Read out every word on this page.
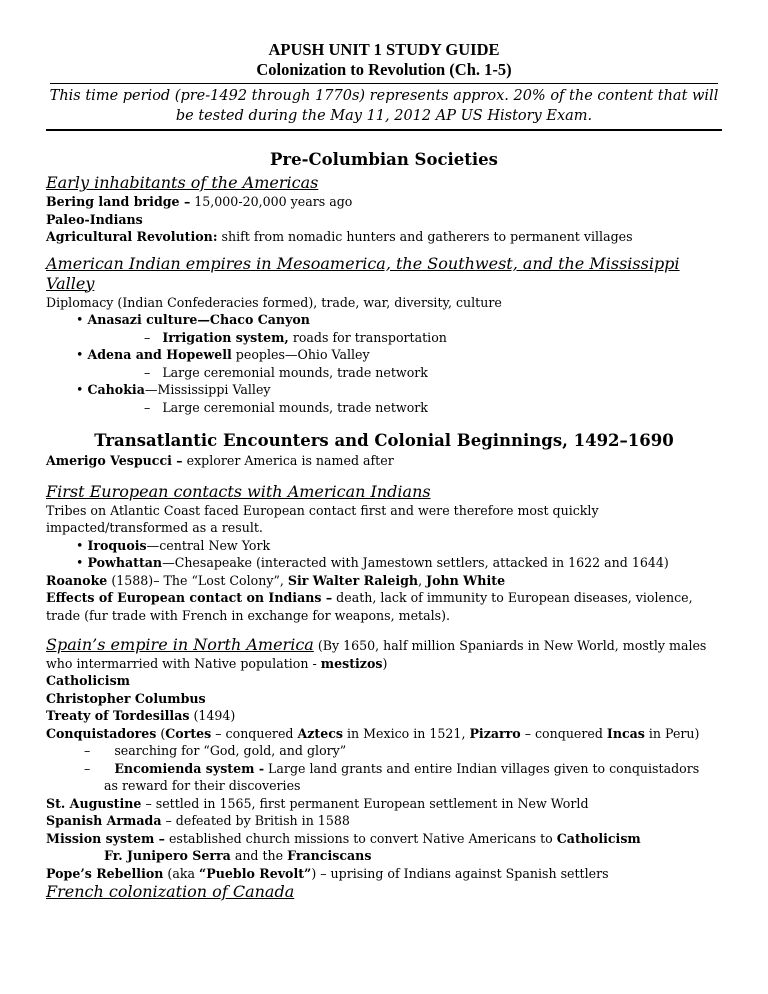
APUSH UNIT 1 STUDY GUIDE
Colonization to Revolution (Ch. 1-5)
This time period (pre-1492 through 1770s) represents approx. 20% of the content that will be tested during the May 11, 2012 AP US History Exam.
Pre-Columbian Societies
Early inhabitants of the Americas
Bering land bridge – 15,000-20,000 years ago
Paleo-Indians
Agricultural Revolution: shift from nomadic hunters and gatherers to permanent villages
American Indian empires in Mesoamerica, the Southwest, and the Mississippi Valley
Diplomacy (Indian Confederacies formed), trade, war, diversity, culture
• Anasazi culture—Chaco Canyon
– Irrigation system, roads for transportation
• Adena and Hopewell peoples—Ohio Valley
– Large ceremonial mounds, trade network
• Cahokia—Mississippi Valley
– Large ceremonial mounds, trade network
Transatlantic Encounters and Colonial Beginnings, 1492–1690
Amerigo Vespucci – explorer America is named after
First European contacts with American Indians
Tribes on Atlantic Coast faced European contact first and were therefore most quickly impacted/transformed as a result.
• Iroquois—central New York
• Powhattan—Chesapeake (interacted with Jamestown settlers, attacked in 1622 and 1644)
Roanoke (1588)– The “Lost Colony”, Sir Walter Raleigh, John White
Effects of European contact on Indians – death, lack of immunity to European diseases, violence, trade (fur trade with French in exchange for weapons, metals).
Spain’s empire in North America (By 1650, half million Spaniards in New World, mostly males
who intermarried with Native population - mestizos)
Catholicism
Christopher Columbus
Treaty of Tordesillas (1494)
Conquistadores (Cortes – conquered Aztecs in Mexico in 1521, Pizarro – conquered Incas in Peru)
– searching for “God, gold, and glory”
– Encomienda system - Large land grants and entire Indian villages given to conquistadors
as reward for their discoveries
St. Augustine – settled in 1565, first permanent European settlement in New World
Spanish Armada – defeated by British in 1588
Mission system – established church missions to convert Native Americans to Catholicism
Fr. Junipero Serra and the Franciscans
Pope’s Rebellion (aka “Pueblo Revolt”) – uprising of Indians against Spanish settlers
French colonization of Canada
